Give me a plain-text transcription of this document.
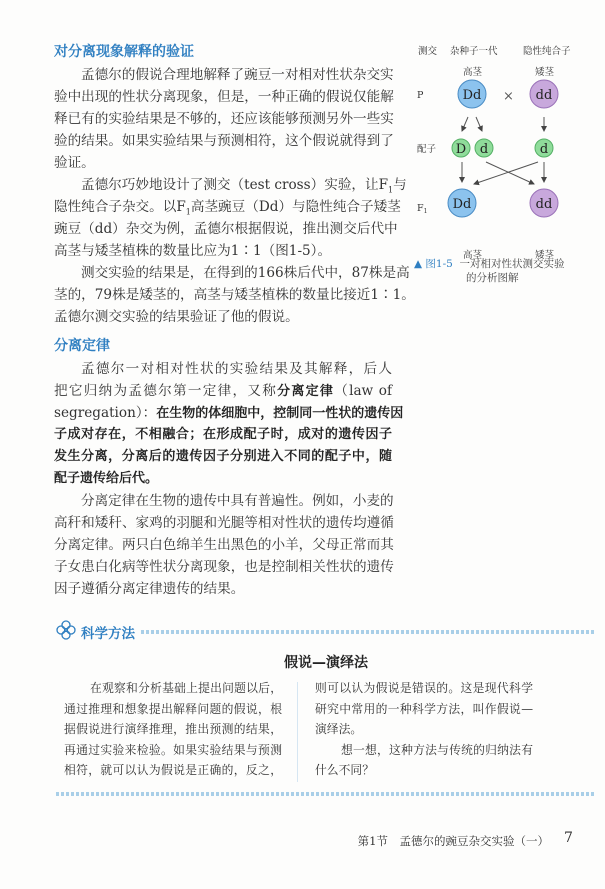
对分离现象解释的验证
孟德尔的假说合理地解释了豌豆一对相对性状杂交实
验中出现的性状分离现象，但是，一种正确的假说仅能解
释已有的实验结果是不够的，还应该能够预测另外一些实
验的结果。如果实验结果与预测相符，这个假说就得到了
验证。
孟德尔巧妙地设计了测交（test cross）实验，让$F_1$与
隐性纯合子杂交。以$F_1$高茎豌豆（Dd）与隐性纯合子矮茎
豌豆（dd）杂交为例，孟德尔根据假说，推出测交后代中
高茎与矮茎植株的数量比应为1∶1（图1-5）。
测交实验的结果是，在得到的166株后代中，87株是高
茎的，79株是矮茎的，高茎与矮茎植株的数量比接近1∶1。
孟德尔测交实验的结果验证了他的假说。
分离定律
孟德尔一对相对性状的实验结果及其解释，后人
把它归纳为孟德尔第一定律，又称分离定律（law of
segregation）：在生物的体细胞中，控制同一性状的遗传因
子成对存在，不相融合；在形成配子时，成对的遗传因子
发生分离，分离后的遗传因子分别进入不同的配子中，随
配子遗传给后代。
分离定律在生物的遗传中具有普遍性。例如，小麦的
高秆和矮秆、家鸡的羽腿和光腿等相对性状的遗传均遵循
分离定律。两只白色绵羊生出黑色的小羊，父母正常而其
子女患白化病等性状分离现象，也是控制相关性状的遗传
因子遵循分离定律遗传的结果。
测交 杂种子一代	隐性纯合子
高茎	矮茎
P
配子
$F_1$
高茎	矮茎
×
Dd	dd
D d	d
Dd	dd
▲ 图1-5 一对相对性状测交实验
的分析图解
科学方法
假说—演绎法
在观察和分析基础上提出问题以后，
通过推理和想象提出解释问题的假说，根
据假说进行演绎推理，推出预测的结果，
再通过实验来检验。如果实验结果与预测
相符，就可以认为假说是正确的，反之，
则可以认为假说是错误的。这是现代科学
研究中常用的一种科学方法，叫作假说—
演绎法。
想一想，这种方法与传统的归纳法有
什么不同？
第1节　孟德尔的豌豆杂交实验（一） 7
